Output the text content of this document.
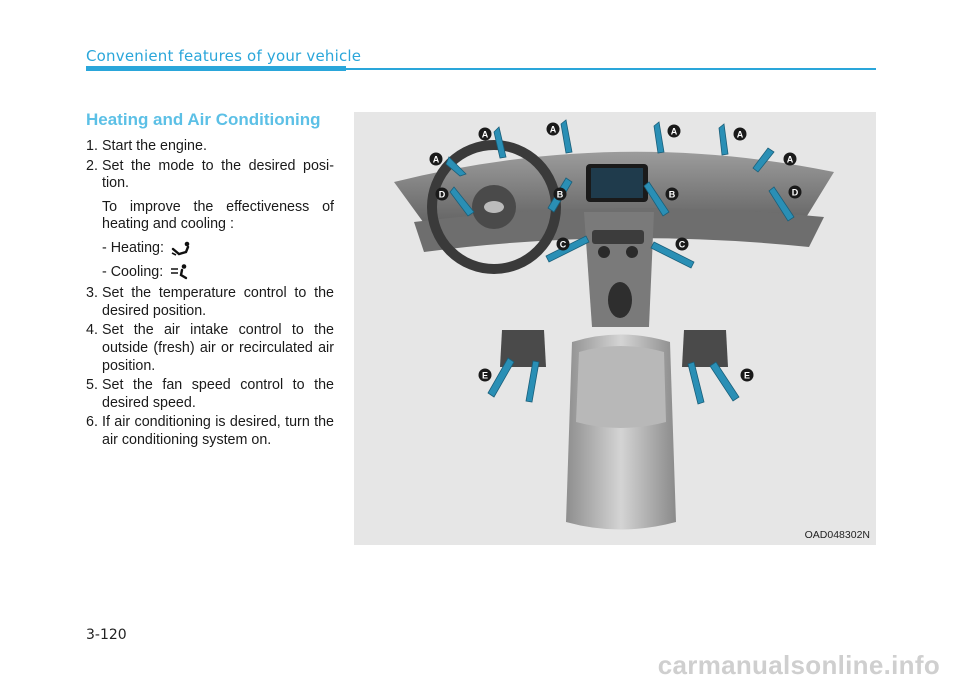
Convenient features of your vehicle
Heating and Air Conditioning
1. Start the engine.
2. Set the mode to the desired posi-tion.
To improve the effectiveness of heating and cooling :
- Heating:
- Cooling:
3. Set the temperature control to the desired position.
4. Set the air intake control to the outside (fresh) air or recirculated air position.
5. Set the fan speed control to the desired speed.
6. If air conditioning is desired, turn the air conditioning system on.
A
A	A	A	A
A
B	B
C	C
D	D
E	E
OAD048302N
3-120
carmanualsonline.info
